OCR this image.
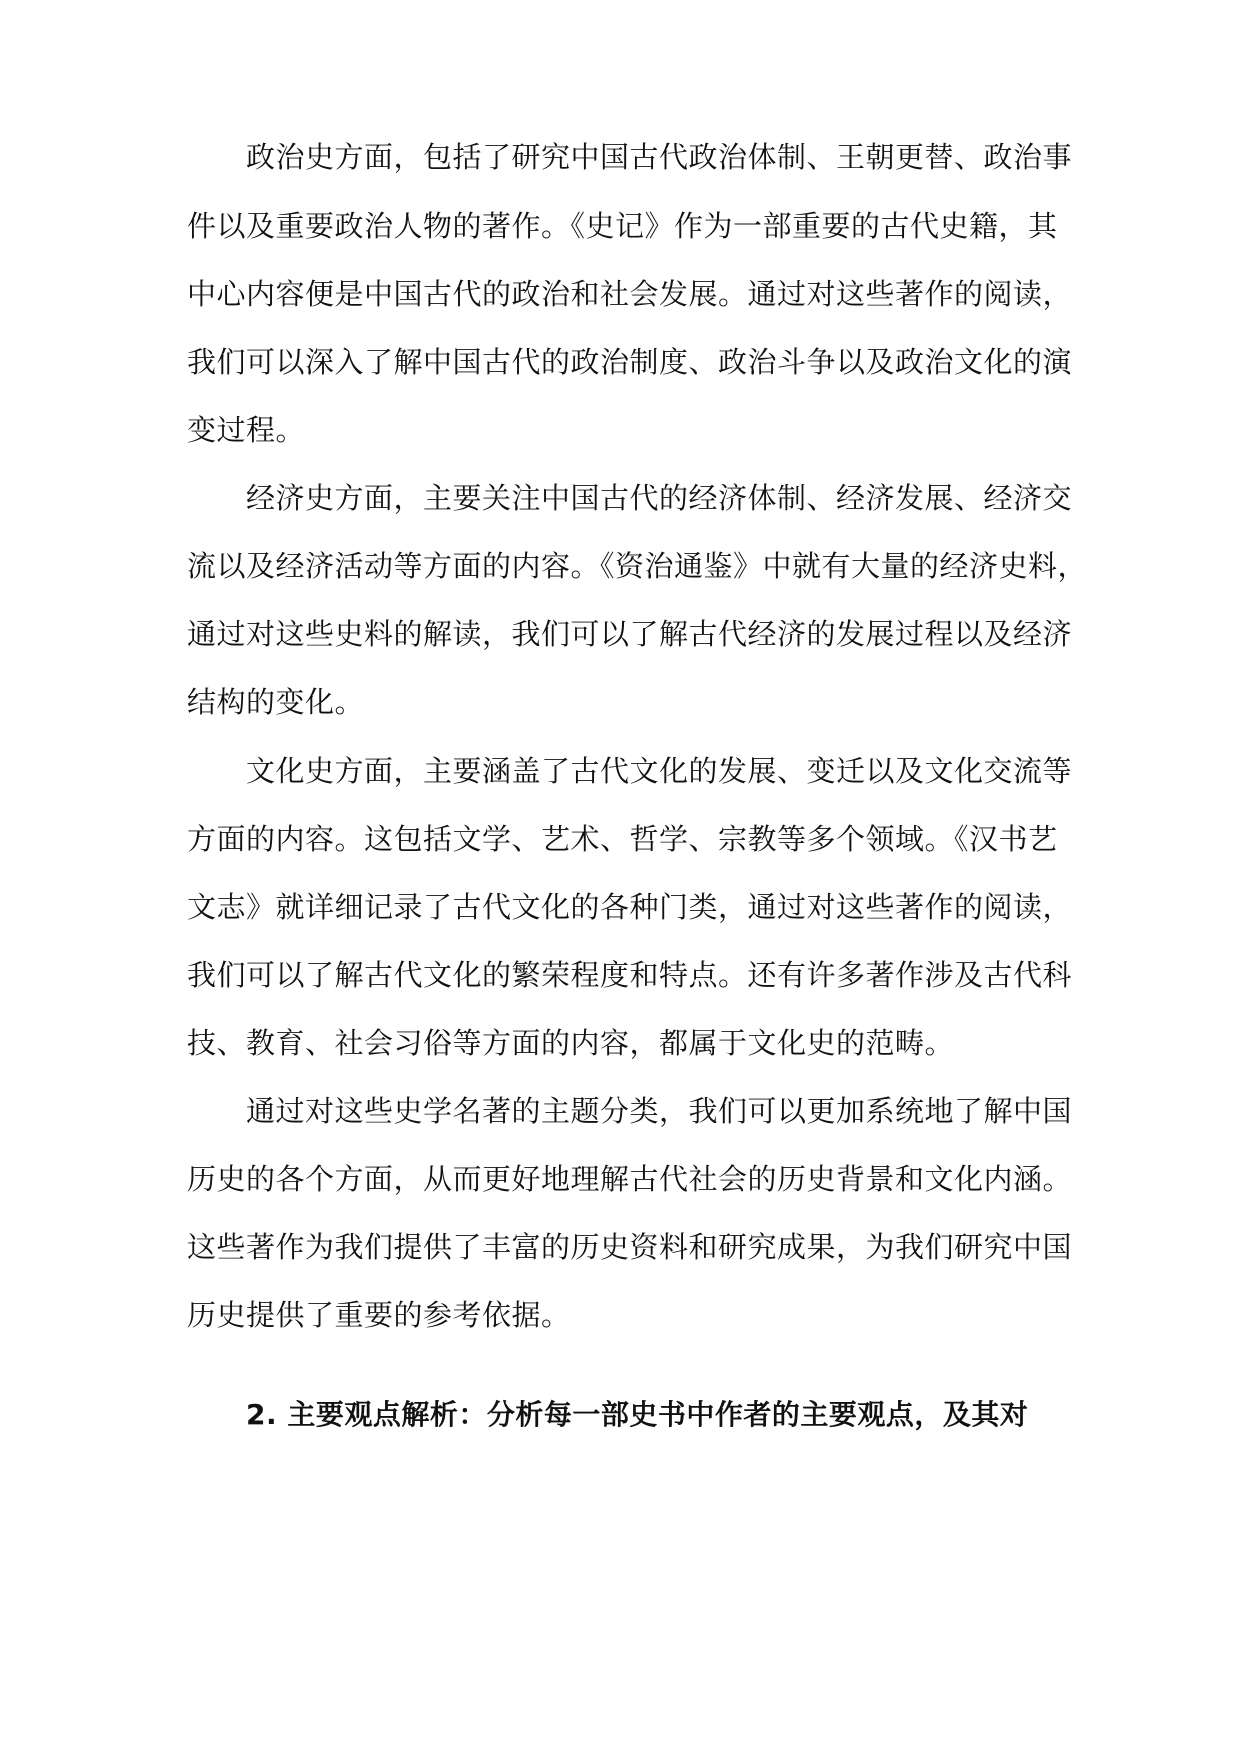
政治史方面，包括了研究中国古代政治体制、王朝更替、政治事
件以及重要政治人物的著作。《史记》作为一部重要的古代史籍，其
中心内容便是中国古代的政治和社会发展。通过对这些著作的阅读，
我们可以深入了解中国古代的政治制度、政治斗争以及政治文化的演
变过程。
经济史方面，主要关注中国古代的经济体制、经济发展、经济交
流以及经济活动等方面的内容。《资治通鉴》中就有大量的经济史料，
通过对这些史料的解读，我们可以了解古代经济的发展过程以及经济
结构的变化。
文化史方面，主要涵盖了古代文化的发展、变迁以及文化交流等
方面的内容。这包括文学、艺术、哲学、宗教等多个领域。《汉书艺
文志》就详细记录了古代文化的各种门类，通过对这些著作的阅读，
我们可以了解古代文化的繁荣程度和特点。还有许多著作涉及古代科
技、教育、社会习俗等方面的内容，都属于文化史的范畴。
通过对这些史学名著的主题分类，我们可以更加系统地了解中国
历史的各个方面，从而更好地理解古代社会的历史背景和文化内涵。
这些著作为我们提供了丰富的历史资料和研究成果，为我们研究中国
历史提供了重要的参考依据。
2. 主要观点解析：分析每一部史书中作者的主要观点，及其对
